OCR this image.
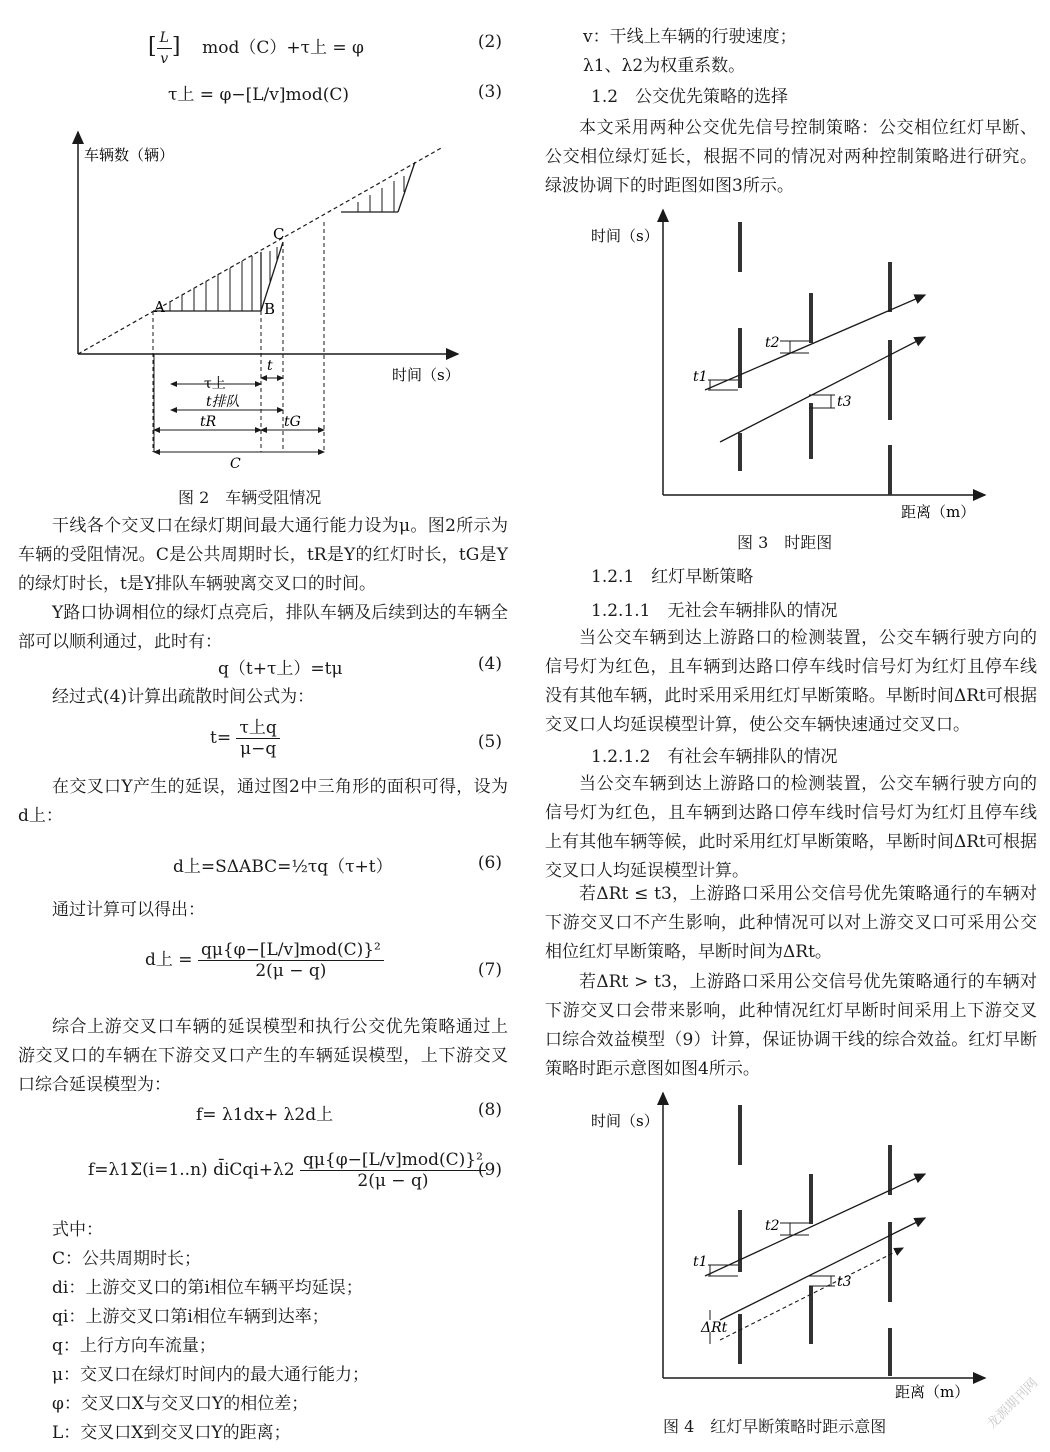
[ $\frac{L}{v}$ ] mod（C）+τ上 = φ	(2)
τ上 = φ−[L/v]mod(C)	(3)
车辆数（辆）
时间（s）
A	B
C
t
τ上
t排队
tR	tG
C
图 2　车辆受阻情况

干线各个交叉口在绿灯期间最大通行能力设为μ。图2所示为车辆的受阻情况。C是公共周期时长，tR是Y的红灯时长，tG是Y的绿灯时长，t是Y排队车辆驶离交叉口的时间。

Y路口协调相位的绿灯点亮后，排队车辆及后续到达的车辆全部可以顺利通过，此时有：

q（t+τ上）=tμ	(4)

经过式(4)计算出疏散时间公式为：

$t= \frac{\text{τ上q}}{\mu-q}$	(5)

在交叉口Y产生的延误，通过图2中三角形的面积可得，设为d上：

d上=SΔABC=½τq（τ+t）	(6)

通过计算可以得出：

d上 = $\frac{\text{qμ\{φ−[L/v]mod(C)\}²}}{2(\mu - q)}$	(7)

综合上游交叉口车辆的延误模型和执行公交优先策略通过上游交叉口的车辆在下游交叉口产生的车辆延误模型，上下游交叉口综合延误模型为：

f= λ1dx+ λ2d上	(8)
f=λ1Σ(i=1..n) d̄iCqi+λ2 $\frac{\text{qμ\{φ−[L/v]mod(C)\}²}}{2(\mu - q)}$
(9)
式中：
C：公共周期时长；
di：上游交叉口的第i相位车辆平均延误；
qi：上游交叉口第i相位车辆到达率；
q：上行方向车流量；
μ：交叉口在绿灯时间内的最大通行能力；
φ：交叉口X与交叉口Y的相位差；
L：交叉口X到交叉口Y的距离；
v：干线上车辆的行驶速度；
λ1、λ2为权重系数。
1.2　公交优先策略的选择

本文采用两种公交优先信号控制策略：公交相位红灯早断、公交相位绿灯延长，根据不同的情况对两种控制策略进行研究。绿波协调下的时距图如图3所示。

时间（s）
距离（m）
t1
t2
t3
图 3　时距图
1.2.1　红灯早断策略
1.2.1.1　无社会车辆排队的情况

当公交车辆到达上游路口的检测装置，公交车辆行驶方向的信号灯为红色，且车辆到达路口停车线时信号灯为红灯且停车线没有其他车辆，此时采用采用红灯早断策略。早断时间ΔRt可根据交叉口人均延误模型计算，使公交车辆快速通过交叉口。

1.2.1.2　有社会车辆排队的情况

当公交车辆到达上游路口的检测装置，公交车辆行驶方向的信号灯为红色，且车辆到达路口停车线时信号灯为红灯且停车线上有其他车辆等候，此时采用红灯早断策略，早断时间ΔRt可根据交叉口人均延误模型计算。

若ΔRt ≤ t3，上游路口采用公交信号优先策略通行的车辆对下游交叉口不产生影响，此种情况可以对上游交叉口可采用公交相位红灯早断策略，早断时间为ΔRt。

若ΔRt > t3，上游路口采用公交信号优先策略通行的车辆对下游交叉口会带来影响，此种情况红灯早断时间采用上下游交叉口综合效益模型（9）计算，保证协调干线的综合效益。红灯早断策略时距示意图如图4所示。

时间（s）
距离（m）
t1
t2
t3
ΔRt
图 4　红灯早断策略时距示意图	龙源期刊网
